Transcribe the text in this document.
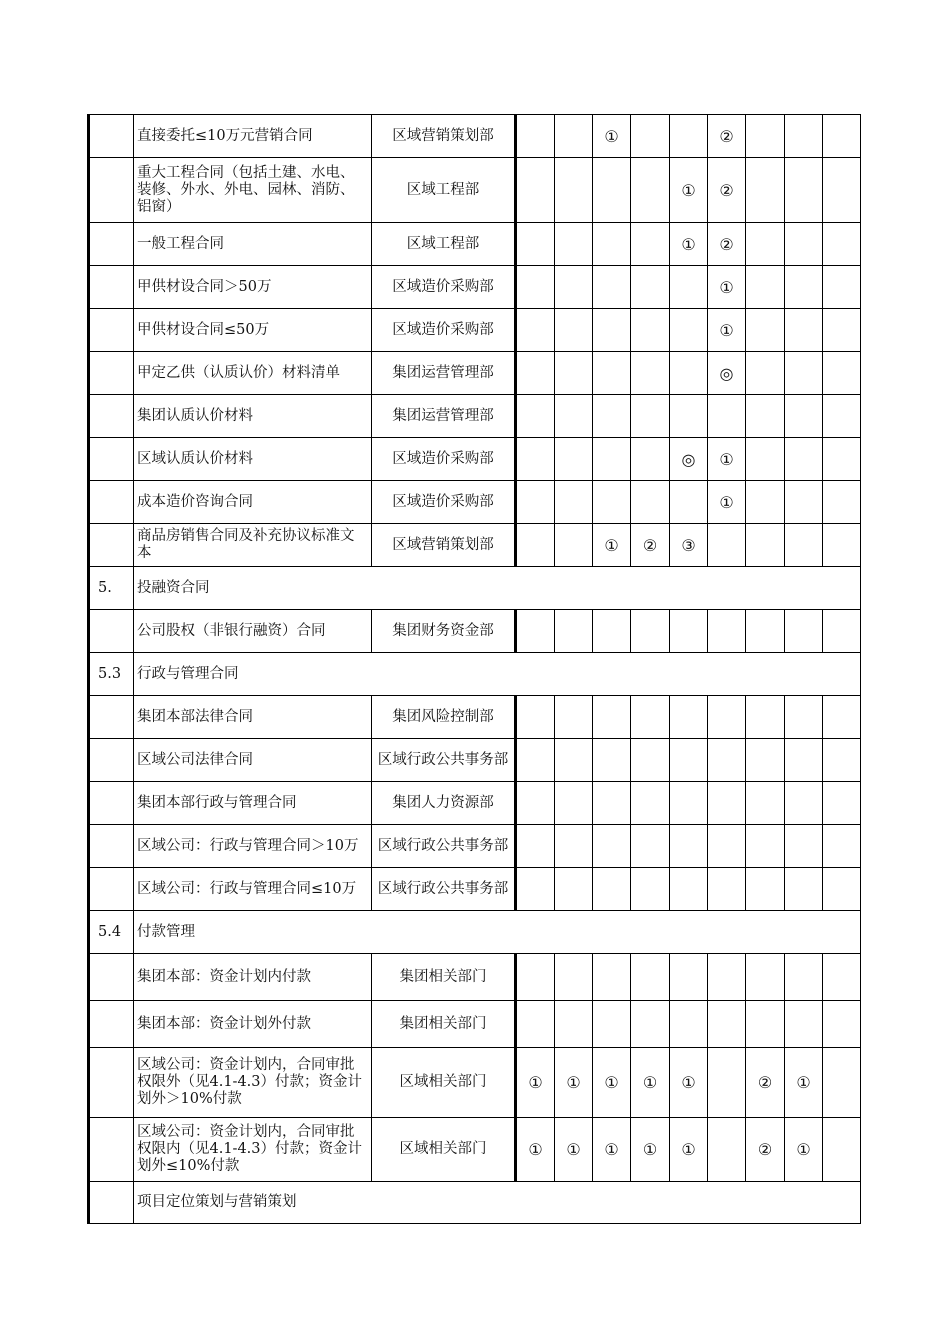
	直接委托≤10万元营销合同	区域营销策划部			①			②			
	重大工程合同（包括土建、水电、装修、外水、外电、园林、消防、铝窗）	区域工程部					①	②			
	一般工程合同	区域工程部					①	②			
	甲供材设合同＞50万	区域造价采购部						①			
	甲供材设合同≤50万	区域造价采购部						①			
	甲定乙供（认质认价）材料清单	集团运营管理部						◎			
	集团认质认价材料	集团运营管理部									
	区域认质认价材料	区域造价采购部					◎	①			
	成本造价咨询合同	区域造价采购部						①			
	商品房销售合同及补充协议标准文本	区域营销策划部			①	②	③				
5.	投融资合同										
	公司股权（非银行融资）合同	集团财务资金部									
5.3	行政与管理合同										
	集团本部法律合同	集团风险控制部									
	区域公司法律合同	区域行政公共事务部									
	集团本部行政与管理合同	集团人力资源部									
	区域公司：行政与管理合同＞10万	区域行政公共事务部									
	区域公司：行政与管理合同≤10万	区域行政公共事务部									
5.4	付款管理										
	集团本部：资金计划内付款	集团相关部门									
	集团本部：资金计划外付款	集团相关部门									
	区域公司：资金计划内，合同审批权限外（见4.1-4.3）付款；资金计划外＞10%付款	区域相关部门	①	①	①	①	①		②	①	
	区域公司：资金计划内，合同审批权限内（见4.1-4.3）付款；资金计划外≤10%付款	区域相关部门	①	①	①	①	①		②	①	
	项目定位策划与营销策划										
